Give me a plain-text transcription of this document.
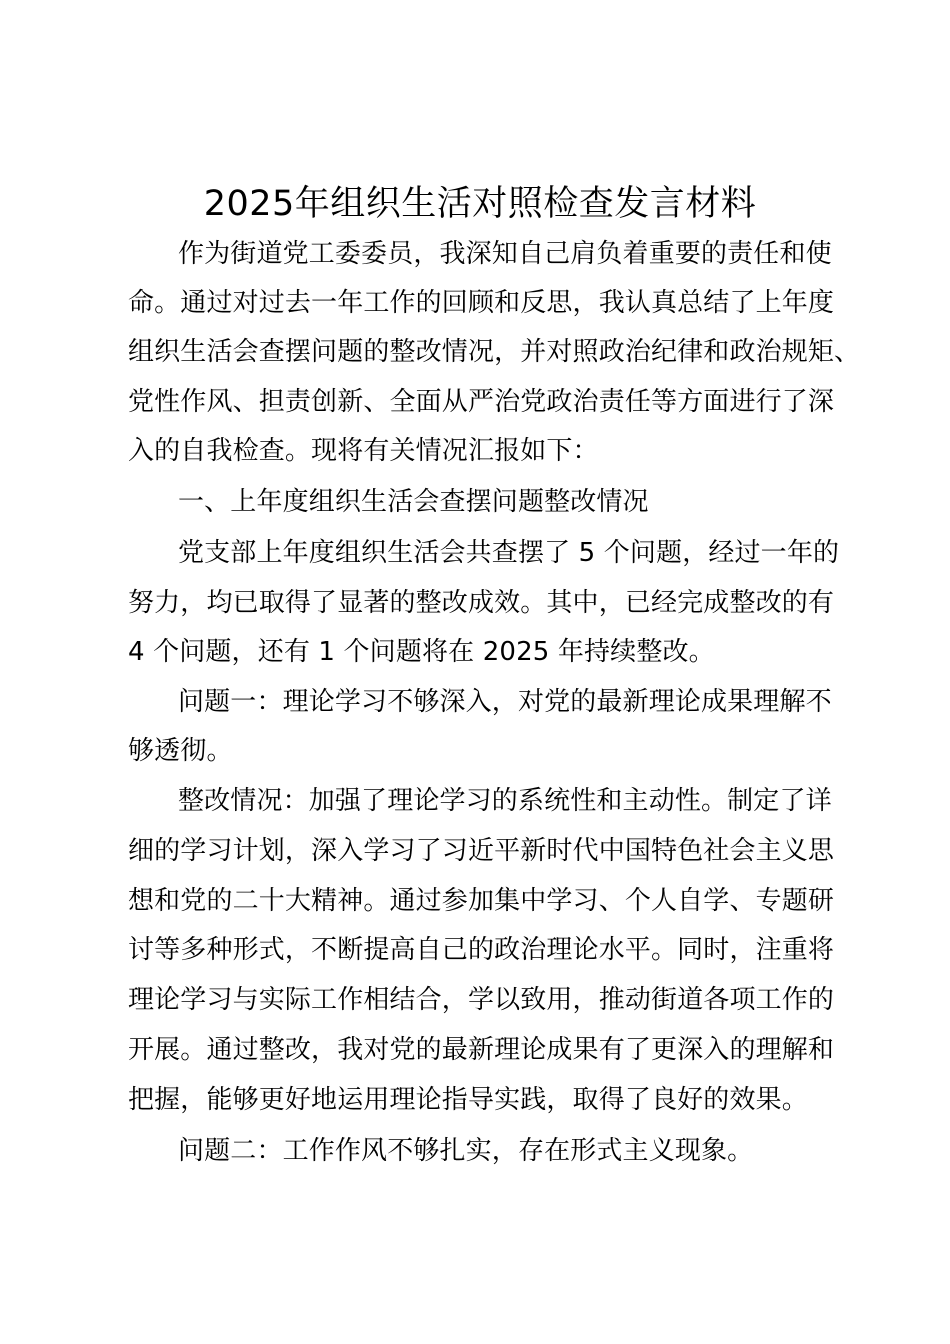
2025年组织生活对照检查发言材料
作为街道党工委委员，我深知自己肩负着重要的责任和使
命。通过对过去一年工作的回顾和反思，我认真总结了上年度
组织生活会查摆问题的整改情况，并对照政治纪律和政治规矩、
党性作风、担责创新、全面从严治党政治责任等方面进行了深
入的自我检查。现将有关情况汇报如下：
一、上年度组织生活会查摆问题整改情况
党支部上年度组织生活会共查摆了 5 个问题，经过一年的
努力，均已取得了显著的整改成效。其中，已经完成整改的有
4 个问题，还有 1 个问题将在 2025 年持续整改。
问题一：理论学习不够深入，对党的最新理论成果理解不
够透彻。
整改情况：加强了理论学习的系统性和主动性。制定了详
细的学习计划，深入学习了习近平新时代中国特色社会主义思
想和党的二十大精神。通过参加集中学习、个人自学、专题研
讨等多种形式，不断提高自己的政治理论水平。同时，注重将
理论学习与实际工作相结合，学以致用，推动街道各项工作的
开展。通过整改，我对党的最新理论成果有了更深入的理解和
把握，能够更好地运用理论指导实践，取得了良好的效果。
问题二：工作作风不够扎实，存在形式主义现象。
